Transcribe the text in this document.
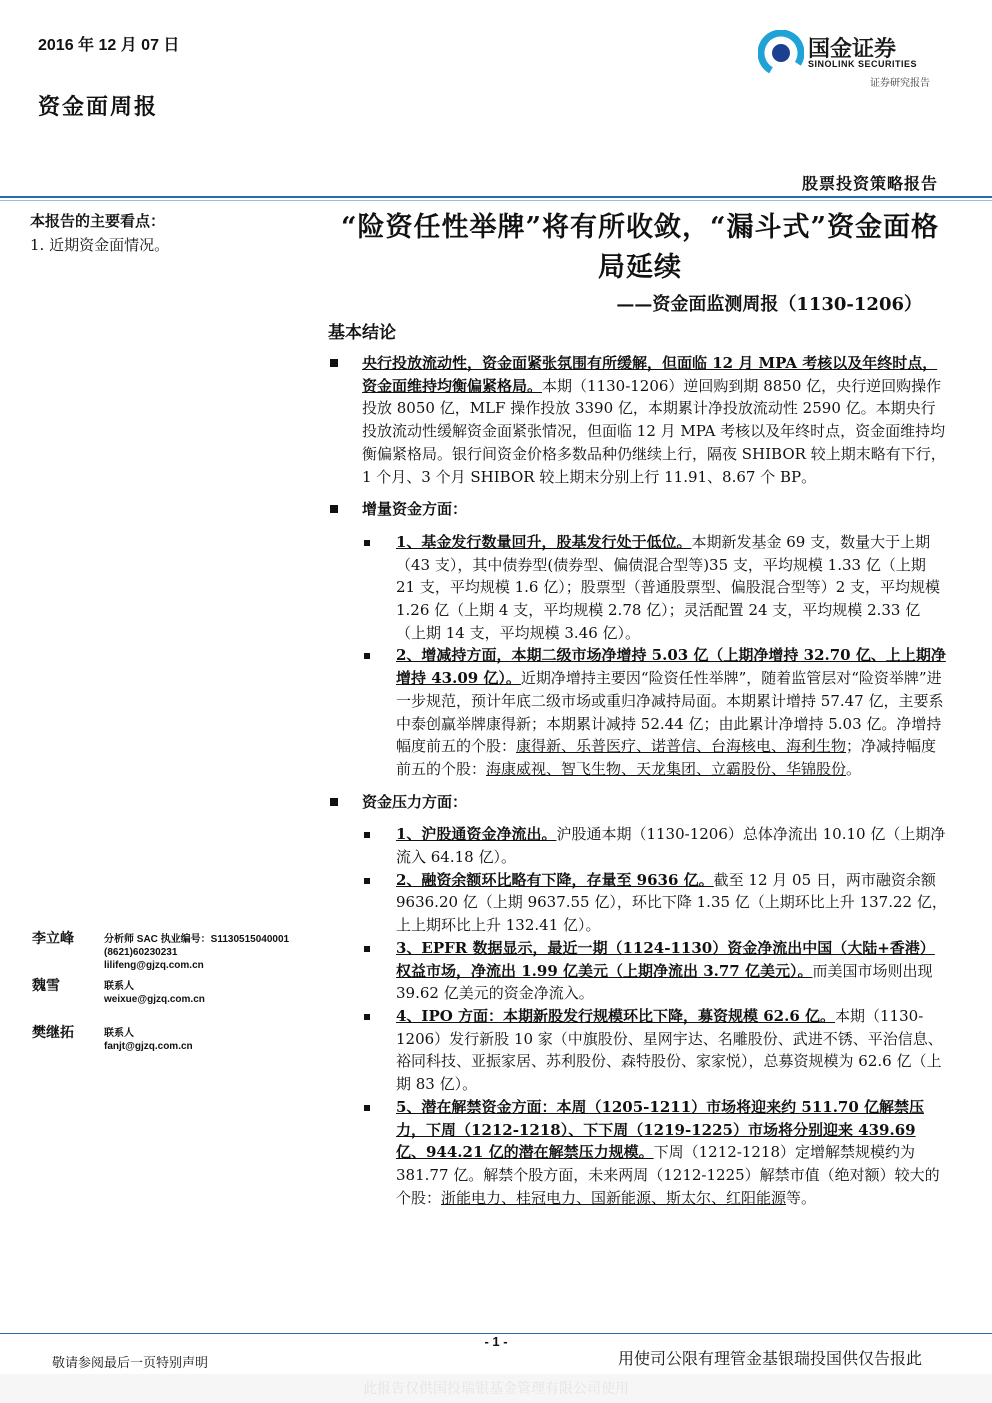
2016 年 12 月 07 日
资金面周报
国金证券
SINOLINK SECURITIES
证券研究报告
股票投资策略报告
本报告的主要看点：
1. 近期资金面情况。
“险资任性举牌”将有所收敛，“漏斗式”资金面格局延续
——资金面监测周报（1130-1206）
基本结论
央行投放流动性，资金面紧张氛围有所缓解，但面临 12 月 MPA 考核以及年终时点，资金面维持均衡偏紧格局。本期（1130-1206）逆回购到期 8850 亿，央行逆回购操作投放 8050 亿，MLF 操作投放 3390 亿，本期累计净投放流动性 2590 亿。本期央行投放流动性缓解资金面紧张情况，但面临 12 月 MPA 考核以及年终时点，资金面维持均衡偏紧格局。银行间资金价格多数品种仍继续上行，隔夜 SHIBOR 较上期末略有下行，1 个月、3 个月 SHIBOR 较上期末分别上行 11.91、8.67 个 BP。
增量资金方面：
1、基金发行数量回升，股基发行处于低位。本期新发基金 69 支，数量大于上期（43 支），其中债券型(债券型、偏债混合型等)35 支，平均规模 1.33 亿（上期 21 支，平均规模 1.6 亿）；股票型（普通股票型、偏股混合型等）2 支，平均规模 1.26 亿（上期 4 支，平均规模 2.78 亿）；灵活配置 24 支，平均规模 2.33 亿（上期 14 支，平均规模 3.46 亿）。
2、增减持方面，本期二级市场净增持 5.03 亿（上期净增持 32.70 亿、上上期净增持 43.09 亿）。近期净增持主要因“险资任性举牌”，随着监管层对“险资举牌”进一步规范，预计年底二级市场或重归净减持局面。本期累计增持 57.47 亿，主要系中泰创赢举牌康得新；本期累计减持 52.44 亿；由此累计净增持 5.03 亿。净增持幅度前五的个股：康得新、乐普医疗、诺普信、台海核电、海利生物；净减持幅度前五的个股：海康威视、智飞生物、天龙集团、立霸股份、华锦股份。
资金压力方面：
1、沪股通资金净流出。沪股通本期（1130-1206）总体净流出 10.10 亿（上期净流入 64.18 亿）。
2、融资余额环比略有下降，存量至 9636 亿。截至 12 月 05 日，两市融资余额 9636.20 亿（上期 9637.55 亿），环比下降 1.35 亿（上期环比上升 137.22 亿，上上期环比上升 132.41 亿）。
3、EPFR 数据显示，最近一期（1124-1130）资金净流出中国（大陆+香港）权益市场，净流出 1.99 亿美元（上期净流出 3.77 亿美元）。而美国市场则出现 39.62 亿美元的资金净流入。
4、IPO 方面：本期新股发行规模环比下降，募资规模 62.6 亿。本期（1130-1206）发行新股 10 家（中旗股份、星网宇达、名雕股份、武进不锈、平治信息、裕同科技、亚振家居、苏利股份、森特股份、家家悦），总募资规模为 62.6 亿（上期 83 亿）。
5、潜在解禁资金方面：本周（1205-1211）市场将迎来约 511.70 亿解禁压力，下周（1212-1218）、下下周（1219-1225）市场将分别迎来 439.69 亿、944.21 亿的潜在解禁压力规模。下周（1212-1218）定增解禁规模约为 381.77 亿。解禁个股方面，未来两周（1212-1225）解禁市值（绝对额）较大的个股：浙能电力、桂冠电力、国新能源、斯太尔、红阳能源等。
李立峰	分析师 SAC 执业编号：S1130515040001
(8621)60230231
lilifeng@gjzq.com.cn
魏雪	联系人
weixue@gjzq.com.cn
樊继拓	联系人
fanjt@gjzq.com.cn
- 1 -
敬请参阅最后一页特别声明	用使司公限有理管金基银瑞投国供仅告报此
此报告仅供国投瑞银基金管理有限公司使用
